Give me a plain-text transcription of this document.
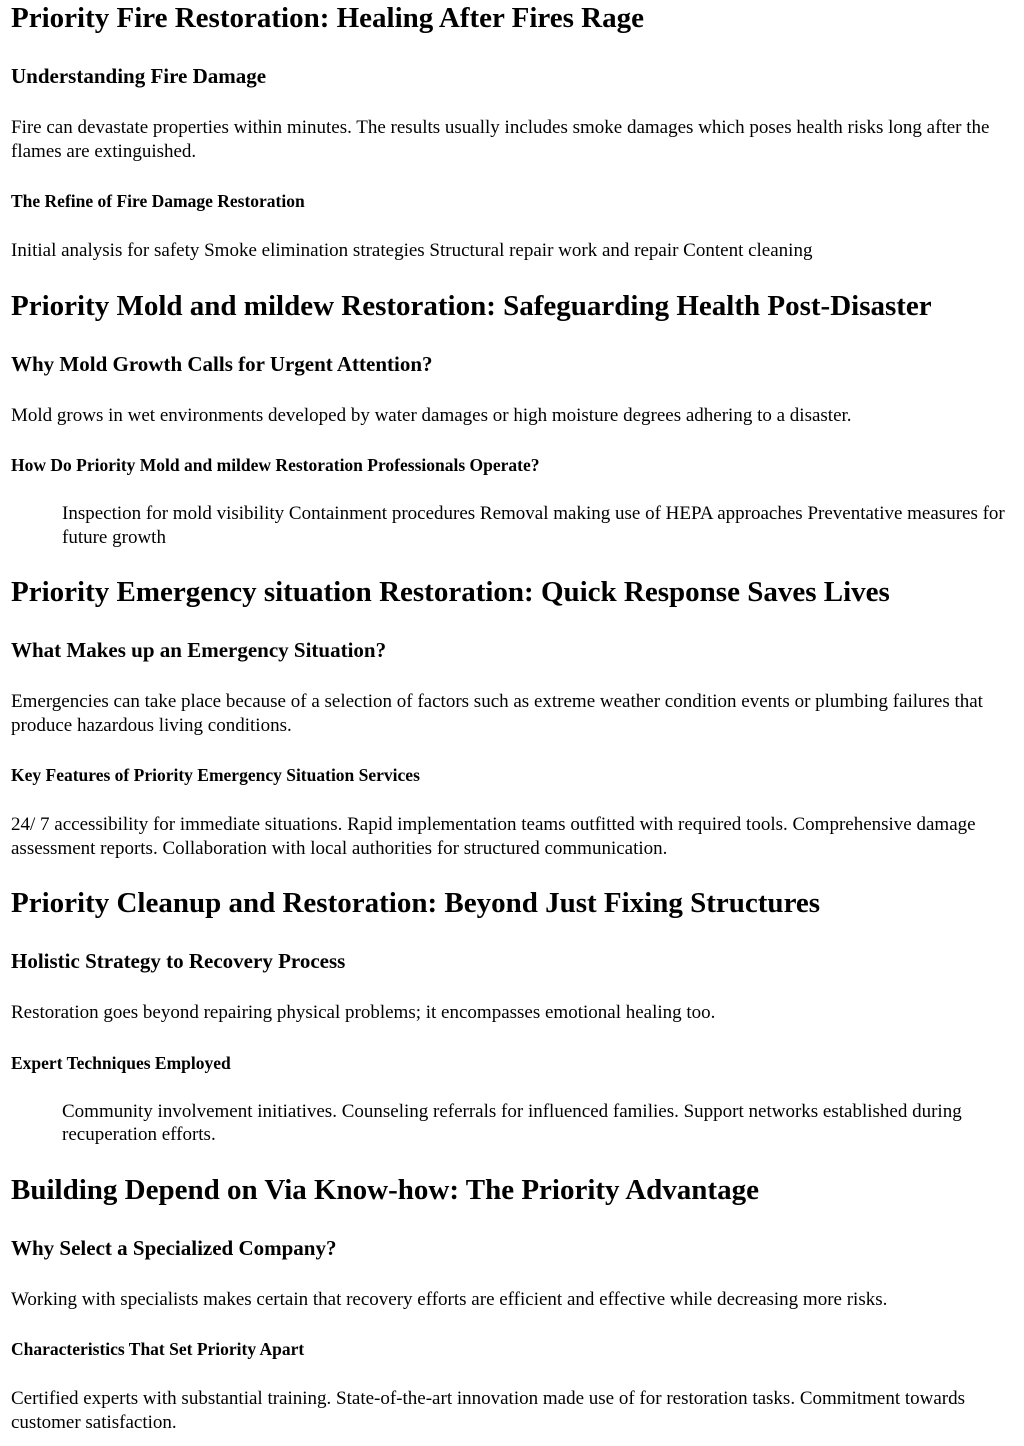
Priority Fire Restoration: Healing After Fires Rage
Understanding Fire Damage

Fire can devastate properties within minutes. The results usually includes smoke damages which poses health risks long after the flames are extinguished.

The Refine of Fire Damage Restoration

Initial analysis for safety Smoke elimination strategies Structural repair work and repair Content cleaning

Priority Mold and mildew Restoration: Safeguarding Health Post-Disaster
Why Mold Growth Calls for Urgent Attention?

Mold grows in wet environments developed by water damages or high moisture degrees adhering to a disaster.

How Do Priority Mold and mildew Restoration Professionals Operate?
Inspection for mold visibility Containment procedures Removal making use of HEPA approaches Preventative measures for future growth
Priority Emergency situation Restoration: Quick Response Saves Lives
What Makes up an Emergency Situation?

Emergencies can take place because of a selection of factors such as extreme weather condition events or plumbing failures that produce hazardous living conditions.

Key Features of Priority Emergency Situation Services

24/ 7 accessibility for immediate situations. Rapid implementation teams outfitted with required tools. Comprehensive damage assessment reports. Collaboration with local authorities for structured communication.

Priority Cleanup and Restoration: Beyond Just Fixing Structures
Holistic Strategy to Recovery Process

Restoration goes beyond repairing physical problems; it encompasses emotional healing too.

Expert Techniques Employed
Community involvement initiatives. Counseling referrals for influenced families. Support networks established during recuperation efforts.
Building Depend on Via Know-how: The Priority Advantage
Why Select a Specialized Company?

Working with specialists makes certain that recovery efforts are efficient and effective while decreasing more risks.

Characteristics That Set Priority Apart

Certified experts with substantial training. State-of-the-art innovation made use of for restoration tasks. Commitment towards customer satisfaction.
